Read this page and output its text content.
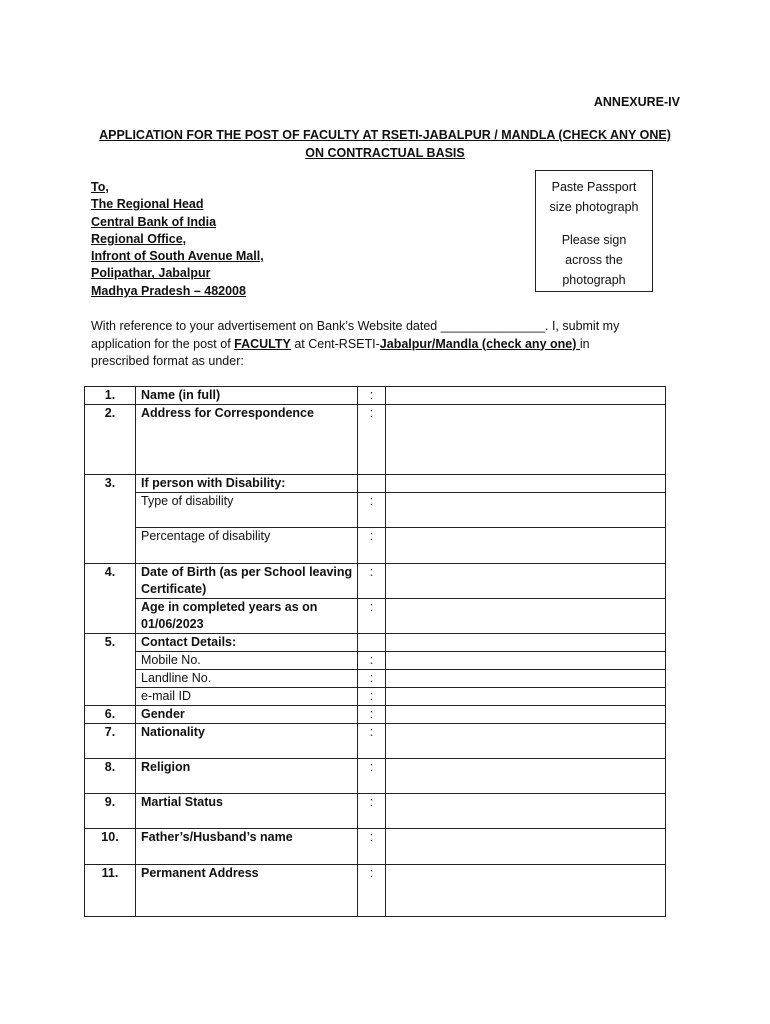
ANNEXURE-IV
APPLICATION FOR THE POST OF FACULTY AT RSETI-JABALPUR / MANDLA (CHECK ANY ONE)
ON CONTRACTUAL BASIS
To,
The Regional Head
Central Bank of India
Regional Office,
Infront of South Avenue Mall,
Polipathar, Jabalpur
Madhya Pradesh – 482008
Paste Passport
size photograph
Please sign
across the
photograph
With reference to your advertisement on Bank’s Website dated _______________. I, submit my application for the post of FACULTY at Cent-RSETI-Jabalpur/Mandla (check any one) in prescribed format as under:
1.	Name (in full)	:	
2.	Address for Correspondence	:	
3.	If person with Disability:		
	Type of disability	:	
	Percentage of disability	:	
4.	Date of Birth (as per School leaving Certificate)	:	
	Age in completed years as on 01/06/2023	:	
5.	Contact Details:		
	Mobile No.	:	
	Landline No.	:	
	e-mail ID	:	
6.	Gender	:	
7.	Nationality	:	
8.	Religion	:	
9.	Martial Status	:	
10.	Father’s/Husband’s name	:	
11.	Permanent Address	:	
